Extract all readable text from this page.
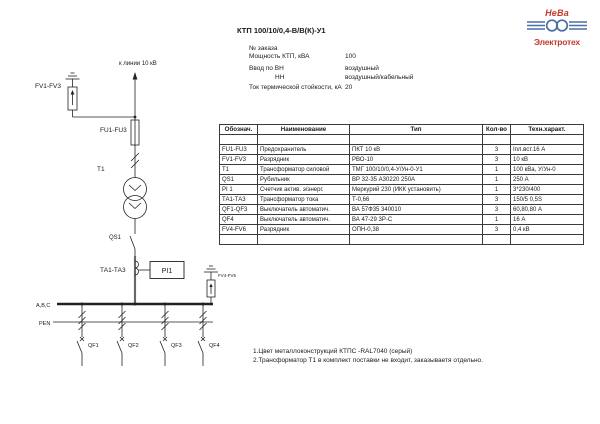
КТП 100/10/0,4-В/В(К)-У1
№ заказа
Мощность КТП, кВА	100
Ввод по ВН	воздушный
НН	воздушный/кабельный
Ток термической стойкости, кА 20
НеВа
Электротех
Обознач.	Наименование	Тип	Кол-во	Техн.характ.

FU1-FU3	Предохранитель	ПКТ 10 кВ	3	Iпл.вст.16 А
FV1-FV3	Разрядник	РВО-10	3	10 кВ
Т1	Трансформатор силовой	ТМГ 100/10/0,4-У/Ун-0-У1	1	100 кВа, У/Ун-0
QS1	Рубильник	ВР 32-35 А30220 250А	1	250 А
PI 1	Счетчик актив. э/энерг.	Меркурий 230 (ИКК установить)	1	3*230/400
ТА1-ТА3	Трансформатор тока	Т-0,66	3	150/5 0,5S
QF1-QF3	Выключатель автоматич.	ВА 57Ф35 340010	3	60,80,80 А
QF4	Выключатель автоматич.	ВА 47-29 3Р-С	1	16 А
FV4-FV6	Разрядник	ОПН-0,38	3	0,4 кВ

к линии 10 кВ
FV1-FV3
FU1-FU3
Т1
QS1
ТА1-ТА3	PI1
А,В,С
PEN
FV4-FV6
QF1	QF2	QF3	QF4
1.Цвет металлоконструкций КТПС -RAL7040 (серый)
2.Трансформатор Т1 в комплект поставки не входит, заказываетя отдельно.
